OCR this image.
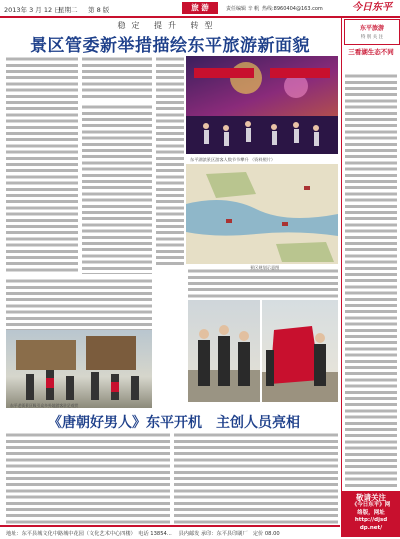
2013年 3 月 12 日
星期二 第 8 版	旅 游	责任编辑 辛 帆 热线:8960404@163.com	今日东平
稳定 提升 转型
景区管委新举措描绘东平旅游新面貌
东平湖滨景区游客人数节节攀升 （资料照片）
景区规划示意图
东平老街景区吸引众多外地游客驻足观赏
《唐朝好男人》东平开机　主创人员亮相
东平旅游
特 别 关 注
三看湖生态不同
敬请关注
《今日东平》网
络版，网址
http://djsd
dp.net/
地址：东平县城文化中路城中花园（文化艺术中心四楼）　电话 13854... 　县内邮发 承印：东平县印刷厂　定价 08.00
